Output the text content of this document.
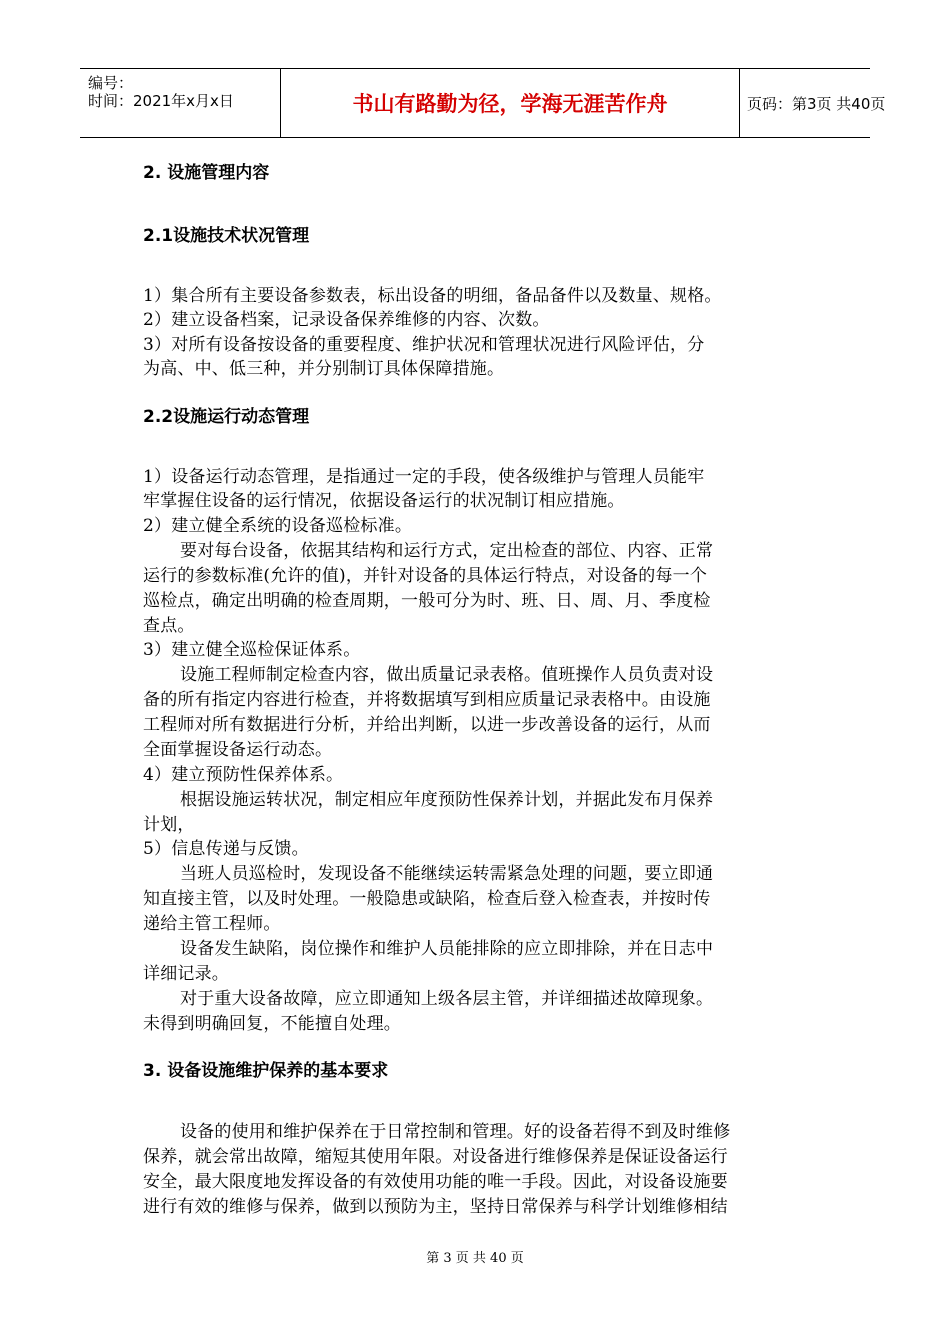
编号：
时间：2021年x月x日	书山有路勤为径，学海无涯苦作舟	页码：第3页 共40页
2. 设施管理内容
2.1设施技术状况管理
1）集合所有主要设备参数表，标出设备的明细，备品备件以及数量、规格。
2）建立设备档案，记录设备保养维修的内容、次数。
3）对所有设备按设备的重要程度、维护状况和管理状况进行风险评估，分
为高、中、低三种，并分别制订具体保障措施。
2.2设施运行动态管理
1）设备运行动态管理，是指通过一定的手段，使各级维护与管理人员能牢
牢掌握住设备的运行情况，依据设备运行的状况制订相应措施。
2）建立健全系统的设备巡检标准。
要对每台设备，依据其结构和运行方式，定出检查的部位、内容、正常
运行的参数标准(允许的值)，并针对设备的具体运行特点，对设备的每一个
巡检点，确定出明确的检查周期，一般可分为时、班、日、周、月、季度检
查点。
3）建立健全巡检保证体系。
设施工程师制定检查内容，做出质量记录表格。值班操作人员负责对设
备的所有指定内容进行检查，并将数据填写到相应质量记录表格中。由设施
工程师对所有数据进行分析，并给出判断，以进一步改善设备的运行，从而
全面掌握设备运行动态。
4）建立预防性保养体系。
根据设施运转状况，制定相应年度预防性保养计划，并据此发布月保养
计划，
5）信息传递与反馈。
当班人员巡检时，发现设备不能继续运转需紧急处理的问题，要立即通
知直接主管，以及时处理。一般隐患或缺陷，检查后登入检查表，并按时传
递给主管工程师。
设备发生缺陷，岗位操作和维护人员能排除的应立即排除，并在日志中
详细记录。
对于重大设备故障，应立即通知上级各层主管，并详细描述故障现象。
未得到明确回复，不能擅自处理。
3. 设备设施维护保养的基本要求
设备的使用和维护保养在于日常控制和管理。好的设备若得不到及时维修
保养，就会常出故障，缩短其使用年限。对设备进行维修保养是保证设备运行
安全，最大限度地发挥设备的有效使用功能的唯一手段。因此，对设备设施要
进行有效的维修与保养，做到以预防为主，坚持日常保养与科学计划维修相结
第 3 页 共 40 页
